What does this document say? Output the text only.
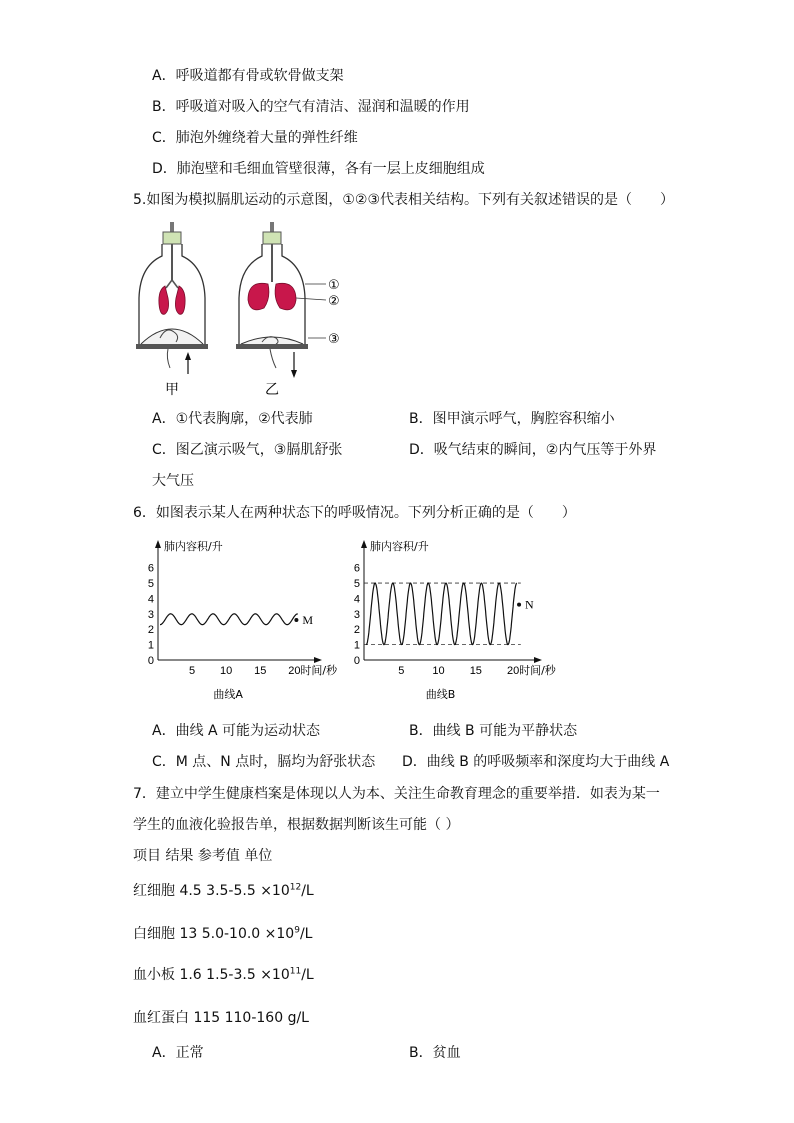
A．呼吸道都有骨或软骨做支架
B．呼吸道对吸入的空气有清洁、湿润和温暖的作用
C．肺泡外缠绕着大量的弹性纤维
D．肺泡壁和毛细血管壁很薄，各有一层上皮细胞组成
5.如图为模拟膈肌运动的示意图，①②③代表相关结构。下列有关叙述错误的是（　　）
①
②
③
甲	乙
A．①代表胸廓，②代表肺	B．图甲演示呼气，胸腔容积缩小
C．图乙演示吸气，③膈肌舒张	D．吸气结束的瞬间，②内气压等于外界
大气压
6．如图表示某人在两种状态下的呼吸情况。下列分析正确的是（　　）
0
1
2
3
4
5
6
5 10 15 20
肺内容积/升
时间/秒
曲线A
M
0
1
2
3
4
5
6
5	10 15 20
肺内容积/升
时间/秒
曲线B
N
A．曲线 A 可能为运动状态	B．曲线 B 可能为平静状态
C．M 点、N 点时，膈均为舒张状态 D．曲线 B 的呼吸频率和深度均大于曲线 A
7．建立中学生健康档案是体现以人为本、关注生命教育理念的重要举措．如表为某一
学生的血液化验报告单，根据数据判断该生可能（ ）
项目 结果 参考值 单位
红细胞 4.5 $3.5-5.5 \times 10^{12}/L$
白细胞 13 $5.0-10.0 \times 10^9/L$
血小板 1.6 $1.5-3.5 \times 10^{11}/L$
血红蛋白 115 110-160 g/L
A．正常	B．贫血
